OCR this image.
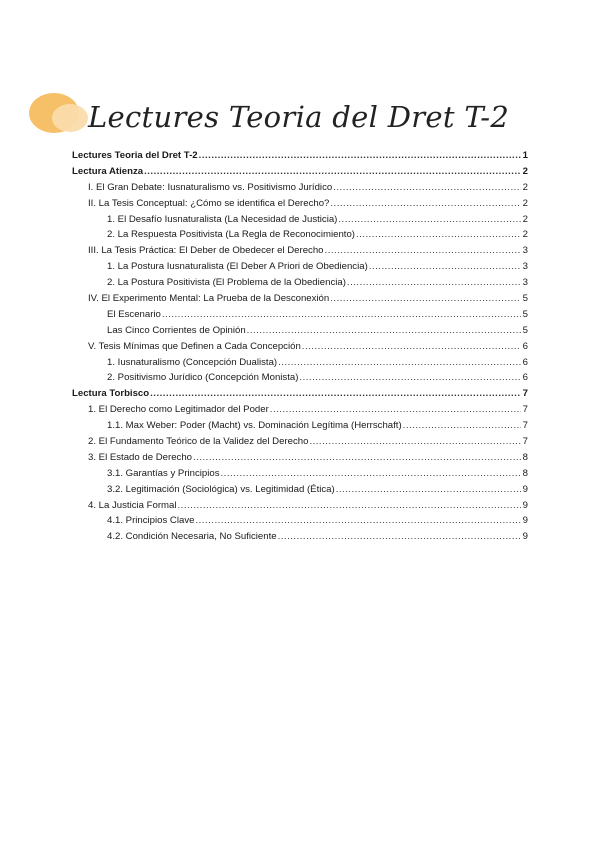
Lectures Teoria del Dret T-2
Lectures Teoria del Dret T-2 .....	1
Lectura Atienza .....	2
I. El Gran Debate: Iusnaturalismo vs. Positivismo Jurídico .....	2
II. La Tesis Conceptual: ¿Cómo se identifica el Derecho? .....	2
1. El Desafío Iusnaturalista (La Necesidad de Justicia) .....	2
2. La Respuesta Positivista (La Regla de Reconocimiento) .....	2
III. La Tesis Práctica: El Deber de Obedecer el Derecho .....	3
1. La Postura Iusnaturalista (El Deber A Priori de Obediencia) .....	3
2. La Postura Positivista (El Problema de la Obediencia) .....	3
IV. El Experimento Mental: La Prueba de la Desconexión .....	5
El Escenario .....	5
Las Cinco Corrientes de Opinión .....	5
V. Tesis Mínimas que Definen a Cada Concepción .....	6
1. Iusnaturalismo (Concepción Dualista) .....	6
2. Positivismo Jurídico (Concepción Monista) .....	6
Lectura Torbisco .....	7
1. El Derecho como Legitimador del Poder .....	7
1.1. Max Weber: Poder (Macht) vs. Dominación Legítima (Herrschaft) .....	7
2. El Fundamento Teórico de la Validez del Derecho .....	7
3. El Estado de Derecho .....	8
3.1. Garantías y Principios .....	8
3.2. Legitimación (Sociológica) vs. Legitimidad (Ética) .....	9
4. La Justicia Formal .....	9
4.1. Principios Clave .....	9
4.2. Condición Necesaria, No Suficiente .....	9
